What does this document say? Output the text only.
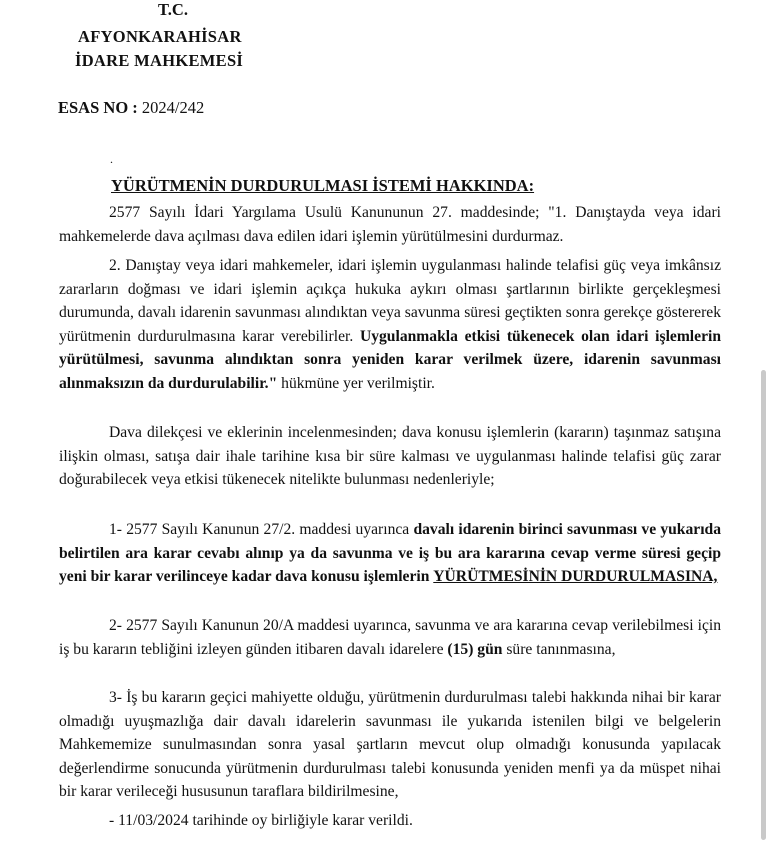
T.C.
AFYONKARAHİSAR
İDARE MAHKEMESİ
ESAS NO : 2024/242
.
YÜRÜTMENİN DURDURULMASI İSTEMİ HAKKINDA:

2577 Sayılı İdari Yargılama Usulü Kanununun 27. maddesinde; "1. Danıştayda veya idari mahkemelerde dava açılması dava edilen idari işlemin yürütülmesini durdurmaz.

2. Danıştay veya idari mahkemeler, idari işlemin uygulanması halinde telafisi güç veya imkânsız zararların doğması ve idari işlemin açıkça hukuka aykırı olması şartlarının birlikte gerçekleşmesi durumunda, davalı idarenin savunması alındıktan veya savunma süresi geçtikten sonra gerekçe göstererek yürütmenin durdurulmasına karar verebilirler. Uygulanmakla etkisi tükenecek olan idari işlemlerin yürütülmesi, savunma alındıktan sonra yeniden karar verilmek üzere, idarenin savunması alınmaksızın da durdurulabilir." hükmüne yer verilmiştir.

Dava dilekçesi ve eklerinin incelenmesinden; dava konusu işlemlerin (kararın) taşınmaz satışına ilişkin olması, satışa dair ihale tarihine kısa bir süre kalması ve uygulanması halinde telafisi güç zarar doğurabilecek veya etkisi tükenecek nitelikte bulunması nedenleriyle;

1- 2577 Sayılı Kanunun 27/2. maddesi uyarınca davalı idarenin birinci savunması ve yukarıda belirtilen ara karar cevabı alınıp ya da savunma ve iş bu ara kararına cevap verme süresi geçip yeni bir karar verilinceye kadar dava konusu işlemlerin YÜRÜTMESİNİN DURDURULMASINA,

2- 2577 Sayılı Kanunun 20/A maddesi uyarınca, savunma ve ara kararına cevap verilebilmesi için iş bu kararın tebliğini izleyen günden itibaren davalı idarelere (15) gün süre tanınmasına,

3- İş bu kararın geçici mahiyette olduğu, yürütmenin durdurulması talebi hakkında nihai bir karar olmadığı uyuşmazlığa dair davalı idarelerin savunması ile yukarıda istenilen bilgi ve belgelerin Mahkememize sunulmasından sonra yasal şartların mevcut olup olmadığı konusunda yapılacak değerlendirme sonucunda yürütmenin durdurulması talebi konusunda yeniden menfi ya da müspet nihai bir karar verileceği hususunun taraflara bildirilmesine,

- 11/03/2024 tarihinde oy birliğiyle karar verildi.
